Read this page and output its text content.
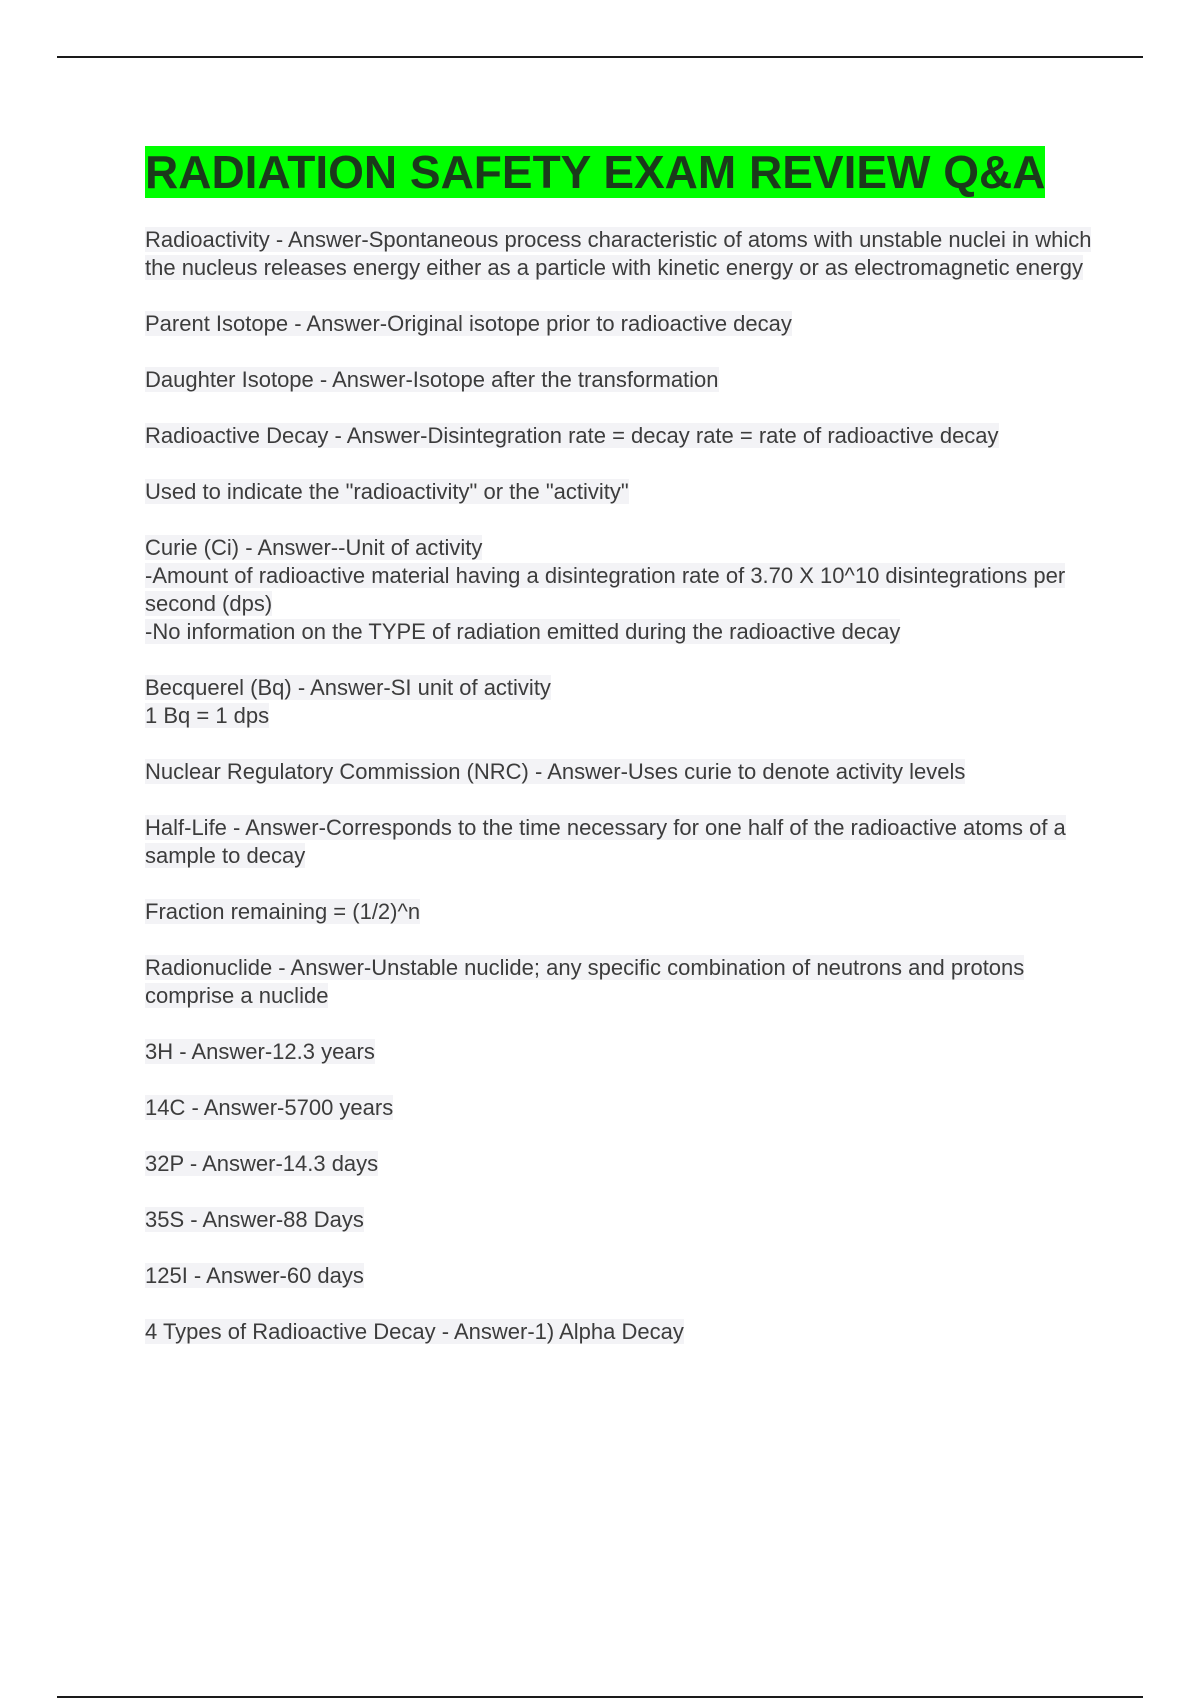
RADIATION SAFETY EXAM REVIEW Q&A
Radioactivity - Answer-Spontaneous process characteristic of atoms with unstable nuclei in which the nucleus releases energy either as a particle with kinetic energy or as electromagnetic energy
Parent Isotope - Answer-Original isotope prior to radioactive decay
Daughter Isotope - Answer-Isotope after the transformation
Radioactive Decay - Answer-Disintegration rate = decay rate = rate of radioactive decay
Used to indicate the "radioactivity" or the "activity"
Curie (Ci) - Answer--Unit of activity
-Amount of radioactive material having a disintegration rate of 3.70 X 10^10 disintegrations per second (dps)
-No information on the TYPE of radiation emitted during the radioactive decay
Becquerel (Bq) - Answer-SI unit of activity
1 Bq = 1 dps
Nuclear Regulatory Commission (NRC) - Answer-Uses curie to denote activity levels
Half-Life - Answer-Corresponds to the time necessary for one half of the radioactive atoms of a sample to decay
Fraction remaining = (1/2)^n
Radionuclide - Answer-Unstable nuclide; any specific combination of neutrons and protons comprise a nuclide
3H - Answer-12.3 years
14C - Answer-5700 years
32P - Answer-14.3 days
35S - Answer-88 Days
125I - Answer-60 days
4 Types of Radioactive Decay - Answer-1) Alpha Decay
